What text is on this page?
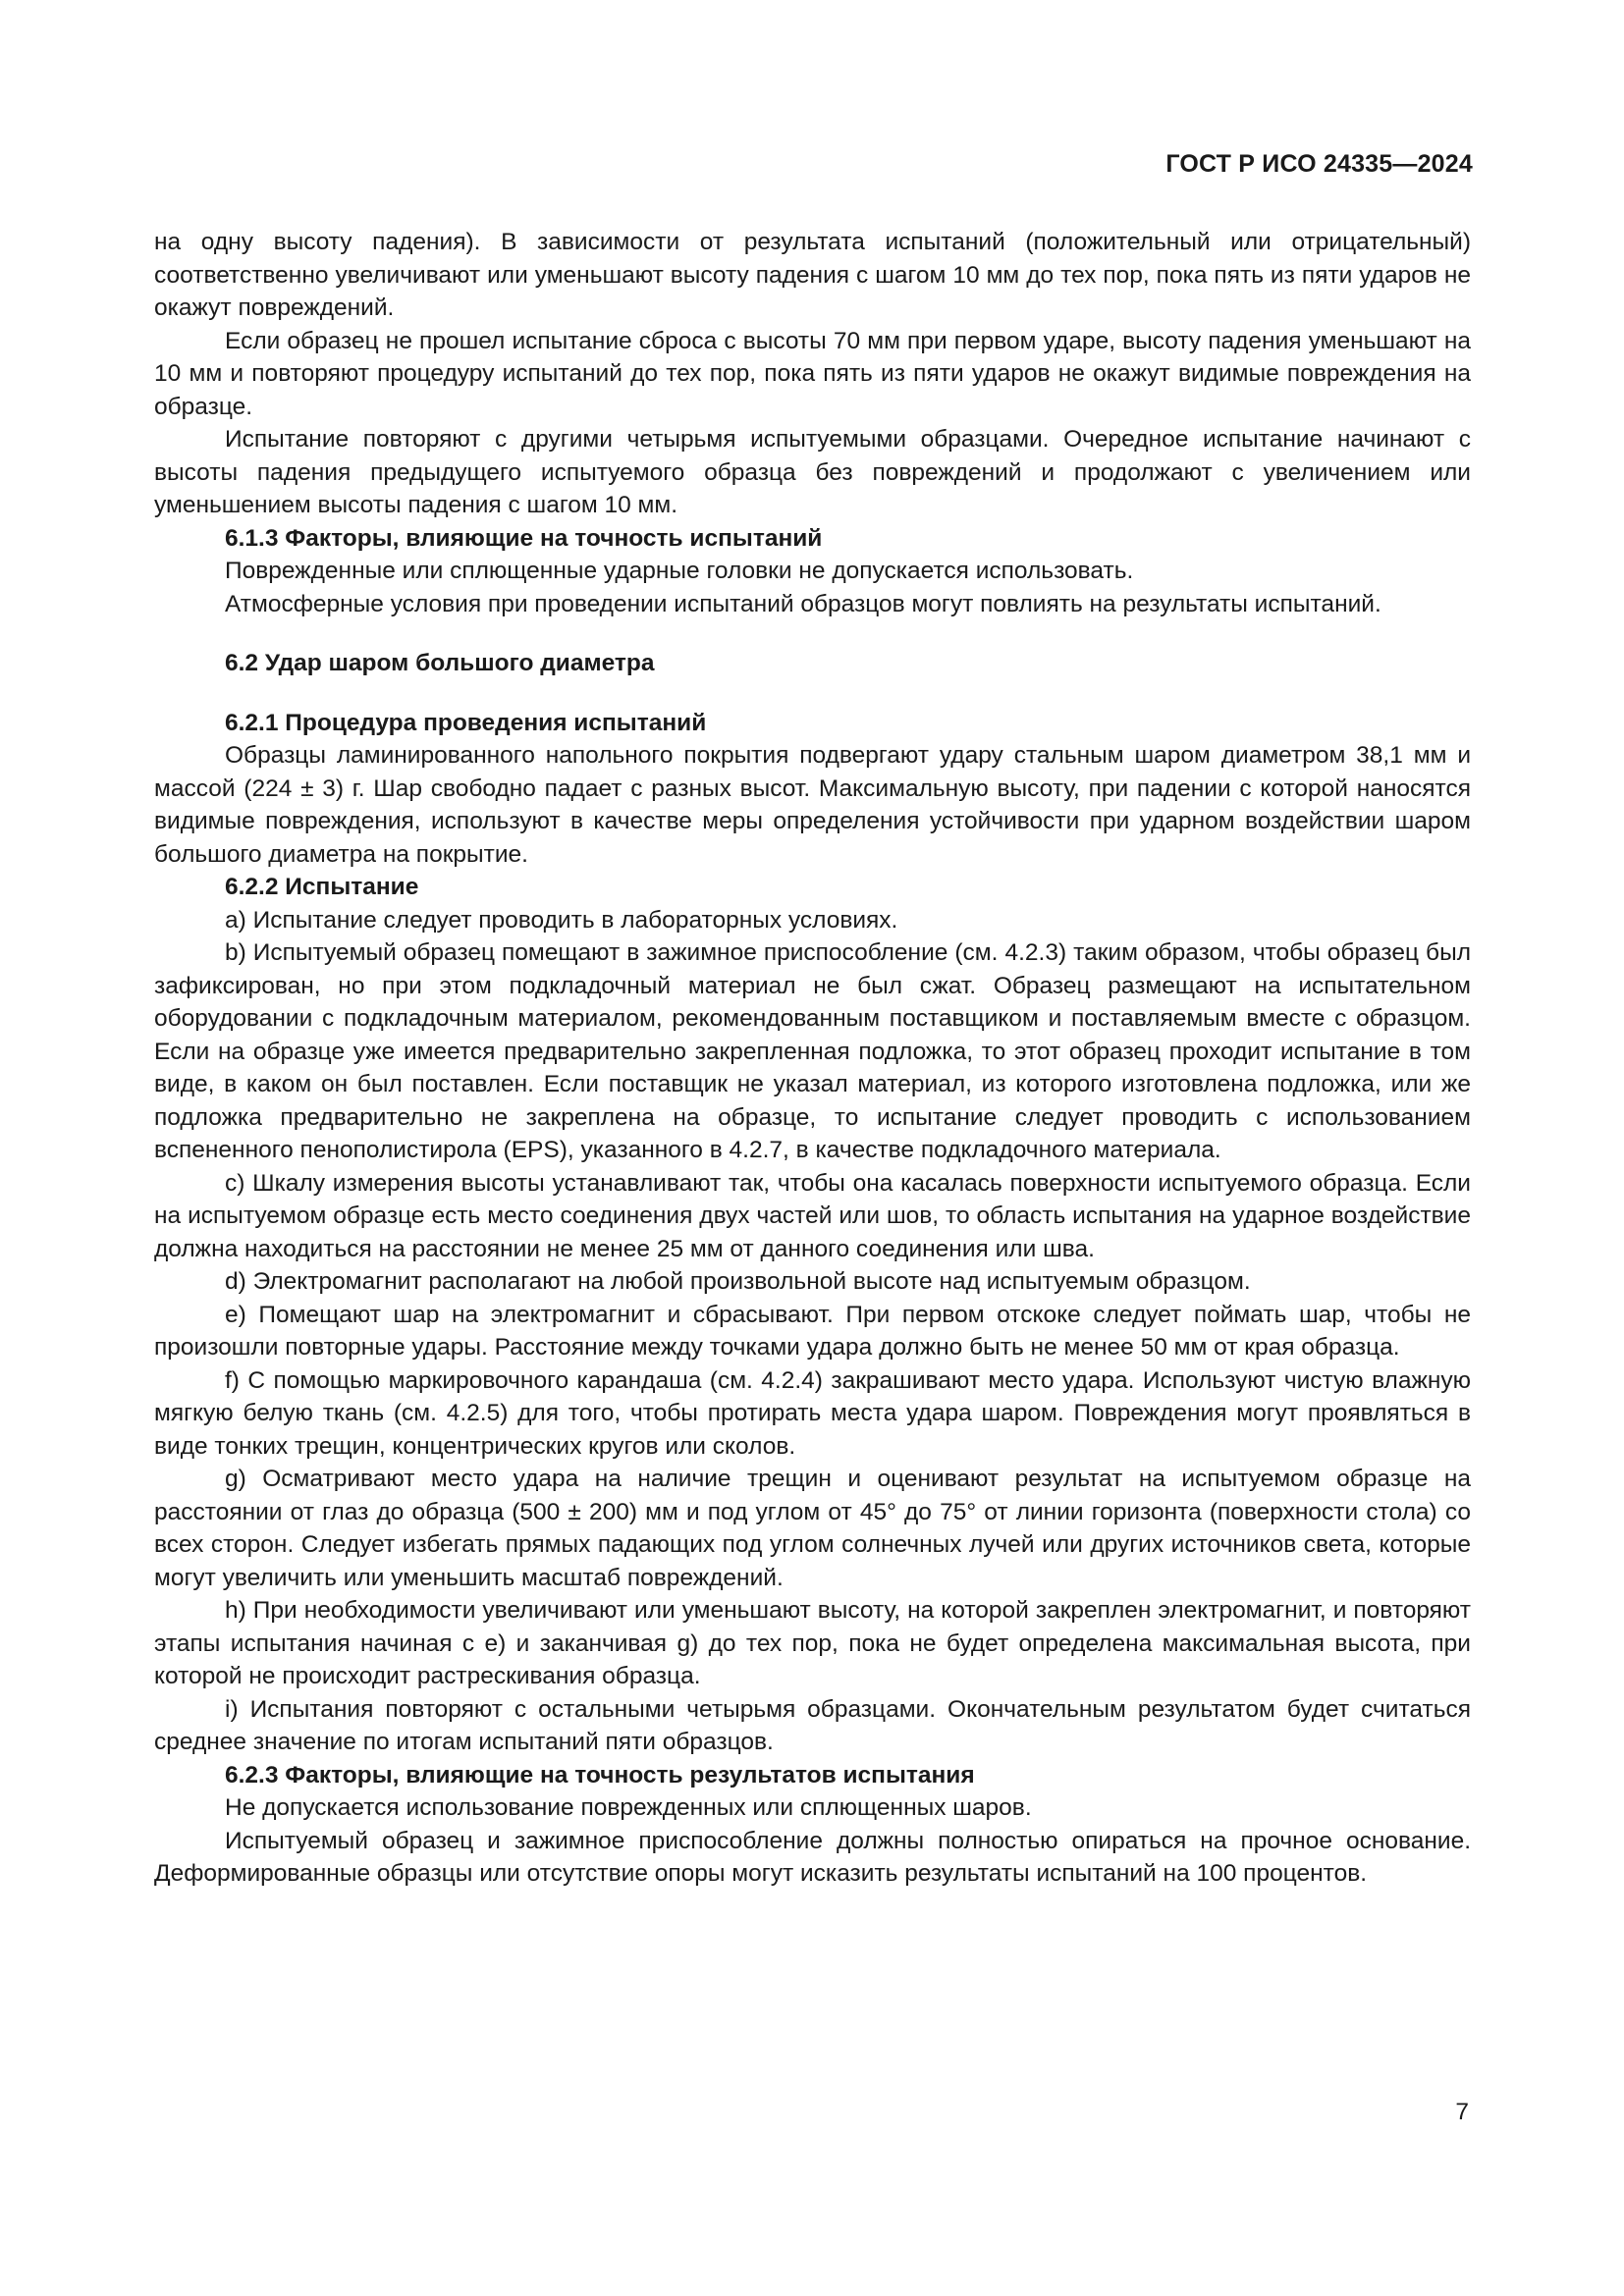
ГОСТ Р ИСО 24335—2024

на одну высоту падения). В зависимости от результата испытаний (положительный или отрицательный) соответственно увеличивают или уменьшают высоту падения с шагом 10 мм до тех пор, пока пять из пяти ударов не окажут повреждений.

Если образец не прошел испытание сброса с высоты 70 мм при первом ударе, высоту падения уменьшают на 10 мм и повторяют процедуру испытаний до тех пор, пока пять из пяти ударов не окажут видимые повреждения на образце.

Испытание повторяют с другими четырьмя испытуемыми образцами. Очередное испытание начинают с высоты падения предыдущего испытуемого образца без повреждений и продолжают с увеличением или уменьшением высоты падения с шагом 10 мм.

6.1.3 Факторы, влияющие на точность испытаний

Поврежденные или сплющенные ударные головки не допускается использовать.

Атмосферные условия при проведении испытаний образцов могут повлиять на результаты испытаний.

6.2 Удар шаром большого диаметра

6.2.1 Процедура проведения испытаний

Образцы ламинированного напольного покрытия подвергают удару стальным шаром диаметром 38,1 мм и массой (224 ± 3) г. Шар свободно падает с разных высот. Максимальную высоту, при падении с которой наносятся видимые повреждения, используют в качестве меры определения устойчивости при ударном воздействии шаром большого диаметра на покрытие.

6.2.2 Испытание

a) Испытание следует проводить в лабораторных условиях.

b) Испытуемый образец помещают в зажимное приспособление (см. 4.2.3) таким образом, чтобы образец был зафиксирован, но при этом подкладочный материал не был сжат. Образец размещают на испытательном оборудовании с подкладочным материалом, рекомендованным поставщиком и поставляемым вместе с образцом. Если на образце уже имеется предварительно закрепленная подложка, то этот образец проходит испытание в том виде, в каком он был поставлен. Если поставщик не указал материал, из которого изготовлена подложка, или же подложка предварительно не закреплена на образце, то испытание следует проводить с использованием вспененного пенополистирола (EPS), указанного в 4.2.7, в качестве подкладочного материала.

c) Шкалу измерения высоты устанавливают так, чтобы она касалась поверхности испытуемого образца. Если на испытуемом образце есть место соединения двух частей или шов, то область испытания на ударное воздействие должна находиться на расстоянии не менее 25 мм от данного соединения или шва.

d) Электромагнит располагают на любой произвольной высоте над испытуемым образцом.

e) Помещают шар на электромагнит и сбрасывают. При первом отскоке следует поймать шар, чтобы не произошли повторные удары. Расстояние между точками удара должно быть не менее 50 мм от края образца.

f) С помощью маркировочного карандаша (см. 4.2.4) закрашивают место удара. Используют чистую влажную мягкую белую ткань (см. 4.2.5) для того, чтобы протирать места удара шаром. Повреждения могут проявляться в виде тонких трещин, концентрических кругов или сколов.

g) Осматривают место удара на наличие трещин и оценивают результат на испытуемом образце на расстоянии от глаз до образца (500 ± 200) мм и под углом от 45° до 75° от линии горизонта (поверхности стола) со всех сторон. Следует избегать прямых падающих под углом солнечных лучей или других источников света, которые могут увеличить или уменьшить масштаб повреждений.

h) При необходимости увеличивают или уменьшают высоту, на которой закреплен электромагнит, и повторяют этапы испытания начиная с e) и заканчивая g) до тех пор, пока не будет определена максимальная высота, при которой не происходит растрескивания образца.

i) Испытания повторяют с остальными четырьмя образцами. Окончательным результатом будет считаться среднее значение по итогам испытаний пяти образцов.

6.2.3 Факторы, влияющие на точность результатов испытания

Не допускается использование поврежденных или сплющенных шаров.

Испытуемый образец и зажимное приспособление должны полностью опираться на прочное основание. Деформированные образцы или отсутствие опоры могут исказить результаты испытаний на 100 процентов.

7
